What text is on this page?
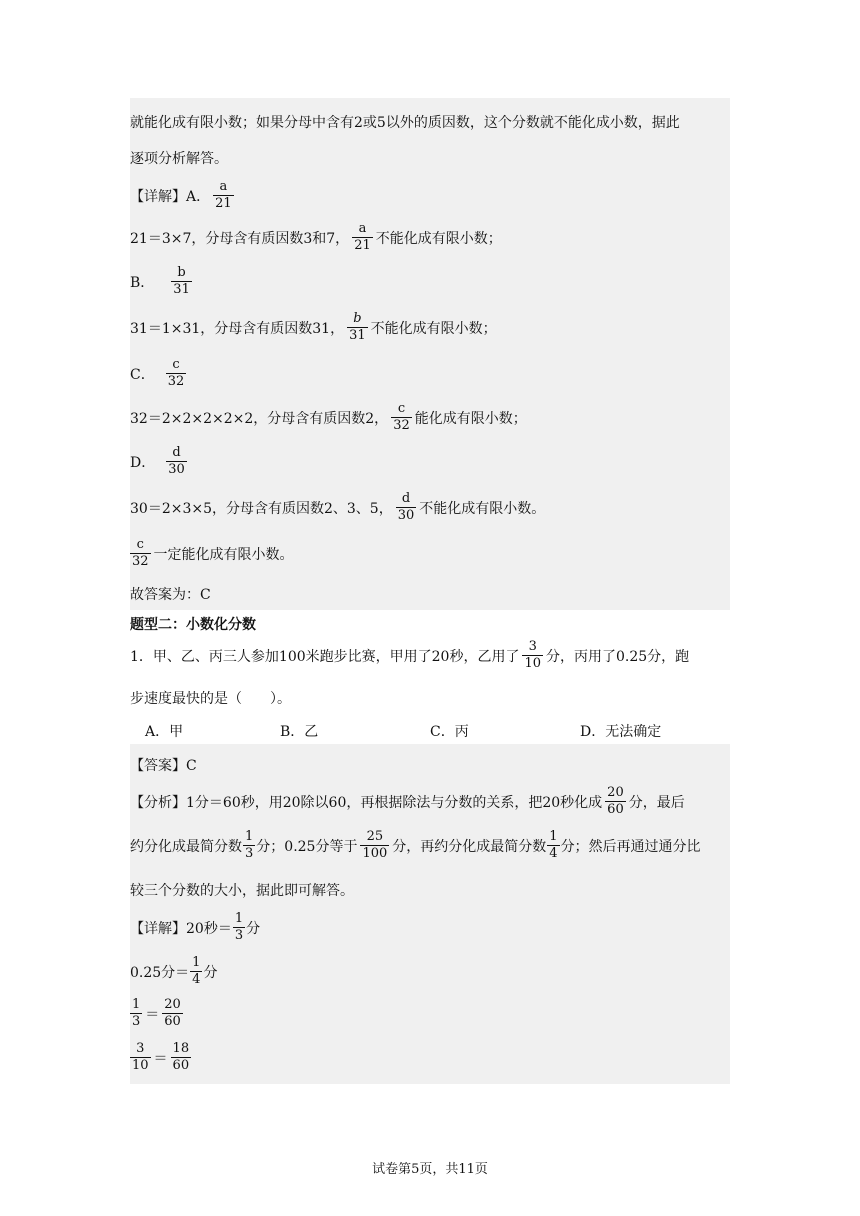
就能化成有限小数；如果分母中含有2或5以外的质因数，这个分数就不能化成小数，据此
逐项分析解答。
【详解】A． $\frac{a}{21}$
21＝3×7，分母含有质因数3和7， $\frac{a}{21}$ 不能化成有限小数；
B． $\frac{b}{31}$
31＝1×31，分母含有质因数31， $\frac{b}{31}$ 不能化成有限小数；
C． $\frac{c}{32}$
32＝2×2×2×2×2，分母含有质因数2， $\frac{c}{32}$ 能化成有限小数；
D． $\frac{d}{30}$
30＝2×3×5，分母含有质因数2、3、5， $\frac{d}{30}$ 不能化成有限小数。
$\frac{c}{32}$ 一定能化成有限小数。
故答案为：C
题型二：小数化分数
1．甲、乙、丙三人参加100米跑步比赛，甲用了20秒，乙用了 $\frac{3}{10}$ 分，丙用了0.25分，跑
步速度最快的是（　　）。
A．甲	B．乙	C．丙	D．无法确定
【答案】C
【分析】1分＝60秒，用20除以60，再根据除法与分数的关系，把20秒化成 $\frac{20}{60}$ 分，最后
约分化成最简分数 $\frac{1}{3}$ 分；0.25分等于 $\frac{25}{100}$ 分，再约分化成最简分数 $\frac{1}{4}$ 分；然后再通过通分比
较三个分数的大小，据此即可解答。
【详解】20秒＝ $\frac{1}{3}$ 分
0.25分＝ $\frac{1}{4}$ 分
$\frac{1}{3} = \frac{20}{60}$
$\frac{3}{10} = \frac{18}{60}$
试卷第5页，共11页
